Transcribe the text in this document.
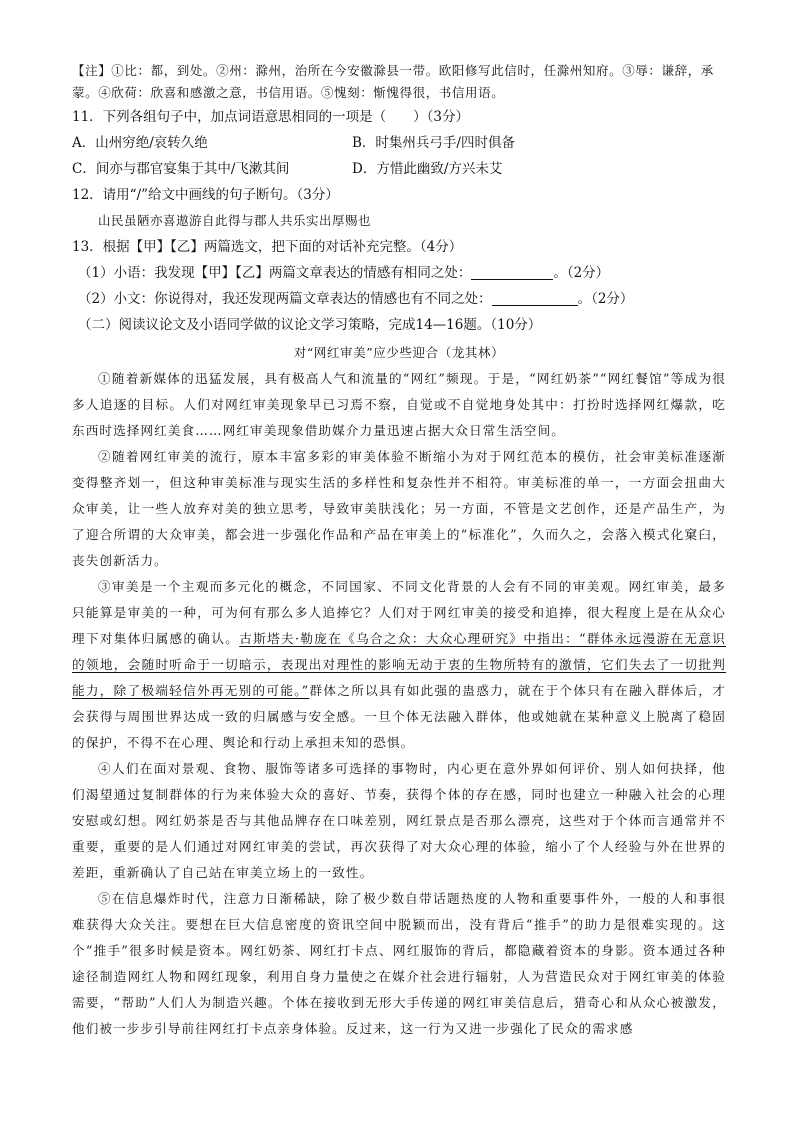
【注】①比：都，到处。②州：滁州，治所在今安徽滁县一带。欧阳修写此信时，任滁州知府。③辱：谦辞，承蒙。④欣荷：欣喜和感激之意，书信用语。⑤愧刻：惭愧得很，书信用语。
11．下列各组句子中，加点词语意思相同的一项是（　　）（3分）
A．山州穷绝/哀转久绝	B．时集州兵弓手/四时俱备
C．间亦与郡官宴集于其中/飞漱其间	D．方惜此幽致/方兴未艾
12．请用“/”给文中画线的句子断句。（3分）
山民虽陋亦喜遨游自此得与郡人共乐实出厚赐也
13．根据【甲】【乙】两篇选文，把下面的对话补充完整。（4分）
（1）小语：我发现【甲】【乙】两篇文章表达的情感有相同之处：	。（2分）
（2）小文：你说得对，我还发现两篇文章表达的情感也有不同之处：	。（2分）
（二）阅读议论文及小语同学做的议论文学习策略，完成14—16题。（10分）
对“网红审美”应少些迎合（龙其林）

①随着新媒体的迅猛发展，具有极高人气和流量的“网红”频现。于是，“网红奶茶”“网红餐馆”等成为很多人追逐的目标。人们对网红审美现象早已习焉不察，自觉或不自觉地身处其中：打扮时选择网红爆款，吃东西时选择网红美食……网红审美现象借助媒介力量迅速占据大众日常生活空间。

②随着网红审美的流行，原本丰富多彩的审美体验不断缩小为对于网红范本的模仿，社会审美标准逐渐变得整齐划一，但这种审美标准与现实生活的多样性和复杂性并不相符。审美标准的单一，一方面会扭曲大众审美，让一些人放弃对美的独立思考，导致审美肤浅化；另一方面，不管是文艺创作，还是产品生产，为了迎合所谓的大众审美，都会进一步强化作品和产品在审美上的“标准化”，久而久之，会落入模式化窠臼，丧失创新活力。

③审美是一个主观而多元化的概念，不同国家、不同文化背景的人会有不同的审美观。网红审美，最多只能算是审美的一种，可为何有那么多人追捧它？人们对于网红审美的接受和追捧，很大程度上是在从众心理下对集体归属感的确认。古斯塔夫·勒庞在《乌合之众：大众心理研究》中指出：“群体永远漫游在无意识的领地，会随时听命于一切暗示，表现出对理性的影响无动于衷的生物所特有的激情，它们失去了一切批判能力，除了极端轻信外再无别的可能。”群体之所以具有如此强的蛊惑力，就在于个体只有在融入群体后，才会获得与周围世界达成一致的归属感与安全感。一旦个体无法融入群体，他或她就在某种意义上脱离了稳固的保护，不得不在心理、舆论和行动上承担未知的恐惧。

④人们在面对景观、食物、服饰等诸多可选择的事物时，内心更在意外界如何评价、别人如何抉择，他们渴望通过复制群体的行为来体验大众的喜好、节奏，获得个体的存在感，同时也建立一种融入社会的心理安慰或幻想。网红奶茶是否与其他品牌存在口味差别，网红景点是否那么漂亮，这些对于个体而言通常并不重要，重要的是人们通过对网红审美的尝试，再次获得了对大众心理的体验，缩小了个人经验与外在世界的差距，重新确认了自己站在审美立场上的一致性。

⑤在信息爆炸时代，注意力日渐稀缺，除了极少数自带话题热度的人物和重要事件外，一般的人和事很难获得大众关注。要想在巨大信息密度的资讯空间中脱颖而出，没有背后“推手”的助力是很难实现的。这个“推手”很多时候是资本。网红奶茶、网红打卡点、网红服饰的背后，都隐藏着资本的身影。资本通过各种途径制造网红人物和网红现象，利用自身力量使之在媒介社会进行辐射，人为营造民众对于网红审美的体验需要，“帮助”人们人为制造兴趣。个体在接收到无形大手传递的网红审美信息后，猎奇心和从众心被激发，他们被一步步引导前往网红打卡点亲身体验。反过来，这一行为又进一步强化了民众的需求感
